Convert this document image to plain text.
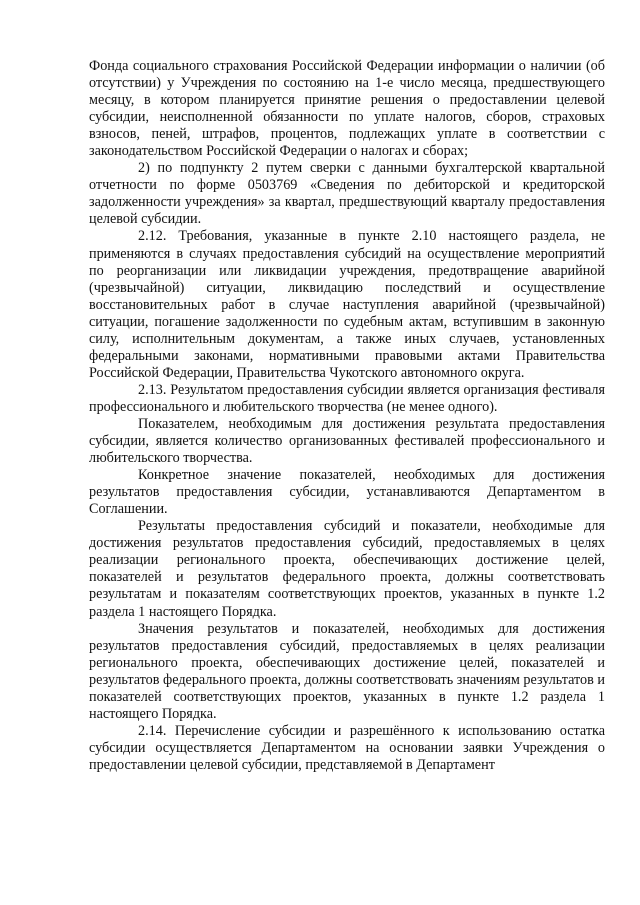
Фонда социального страхования Российской Федерации информации о наличии (об отсутствии) у Учреждения по состоянию на 1-е число месяца, предшествующего месяцу, в котором планируется принятие решения о предоставлении целевой субсидии, неисполненной обязанности по уплате налогов, сборов, страховых взносов, пеней, штрафов, процентов, подлежащих уплате в соответствии с законодательством Российской Федерации о налогах и сборах;

2) по подпункту 2 путем сверки с данными бухгалтерской квартальной отчетности по форме 0503769 «Сведения по дебиторской и кредиторской задолженности учреждения» за квартал, предшествующий кварталу предоставления целевой субсидии.

2.12. Требования, указанные в пункте 2.10 настоящего раздела, не применяются в случаях предоставления субсидий на осуществление мероприятий по реорганизации или ликвидации учреждения, предотвращение аварийной (чрезвычайной) ситуации, ликвидацию последствий и осуществление восстановительных работ в случае наступления аварийной (чрезвычайной) ситуации, погашение задолженности по судебным актам, вступившим в законную силу, исполнительным документам, а также иных случаев, установленных федеральными законами, нормативными правовыми актами Правительства Российской Федерации, Правительства Чукотского автономного округа.

2.13. Результатом предоставления субсидии является организация фестиваля профессионального и любительского творчества (не менее одного).

Показателем, необходимым для достижения результата предоставления субсидии, является количество организованных фестивалей профессионального и любительского творчества.

Конкретное значение показателей, необходимых для достижения результатов предоставления субсидии, устанавливаются Департаментом в Соглашении.

Результаты предоставления субсидий и показатели, необходимые для достижения результатов предоставления субсидий, предоставляемых в целях реализации регионального проекта, обеспечивающих достижение целей, показателей и результатов федерального проекта, должны соответствовать результатам и показателям соответствующих проектов, указанных в пункте 1.2 раздела 1 настоящего Порядка.

Значения результатов и показателей, необходимых для достижения результатов предоставления субсидий, предоставляемых в целях реализации регионального проекта, обеспечивающих достижение целей, показателей и результатов федерального проекта, должны соответствовать значениям результатов и показателей соответствующих проектов, указанных в пункте 1.2 раздела 1 настоящего Порядка.

2.14. Перечисление субсидии и разрешённого к использованию остатка субсидии осуществляется Департаментом на основании заявки Учреждения о предоставлении целевой субсидии, представляемой в Департамент
